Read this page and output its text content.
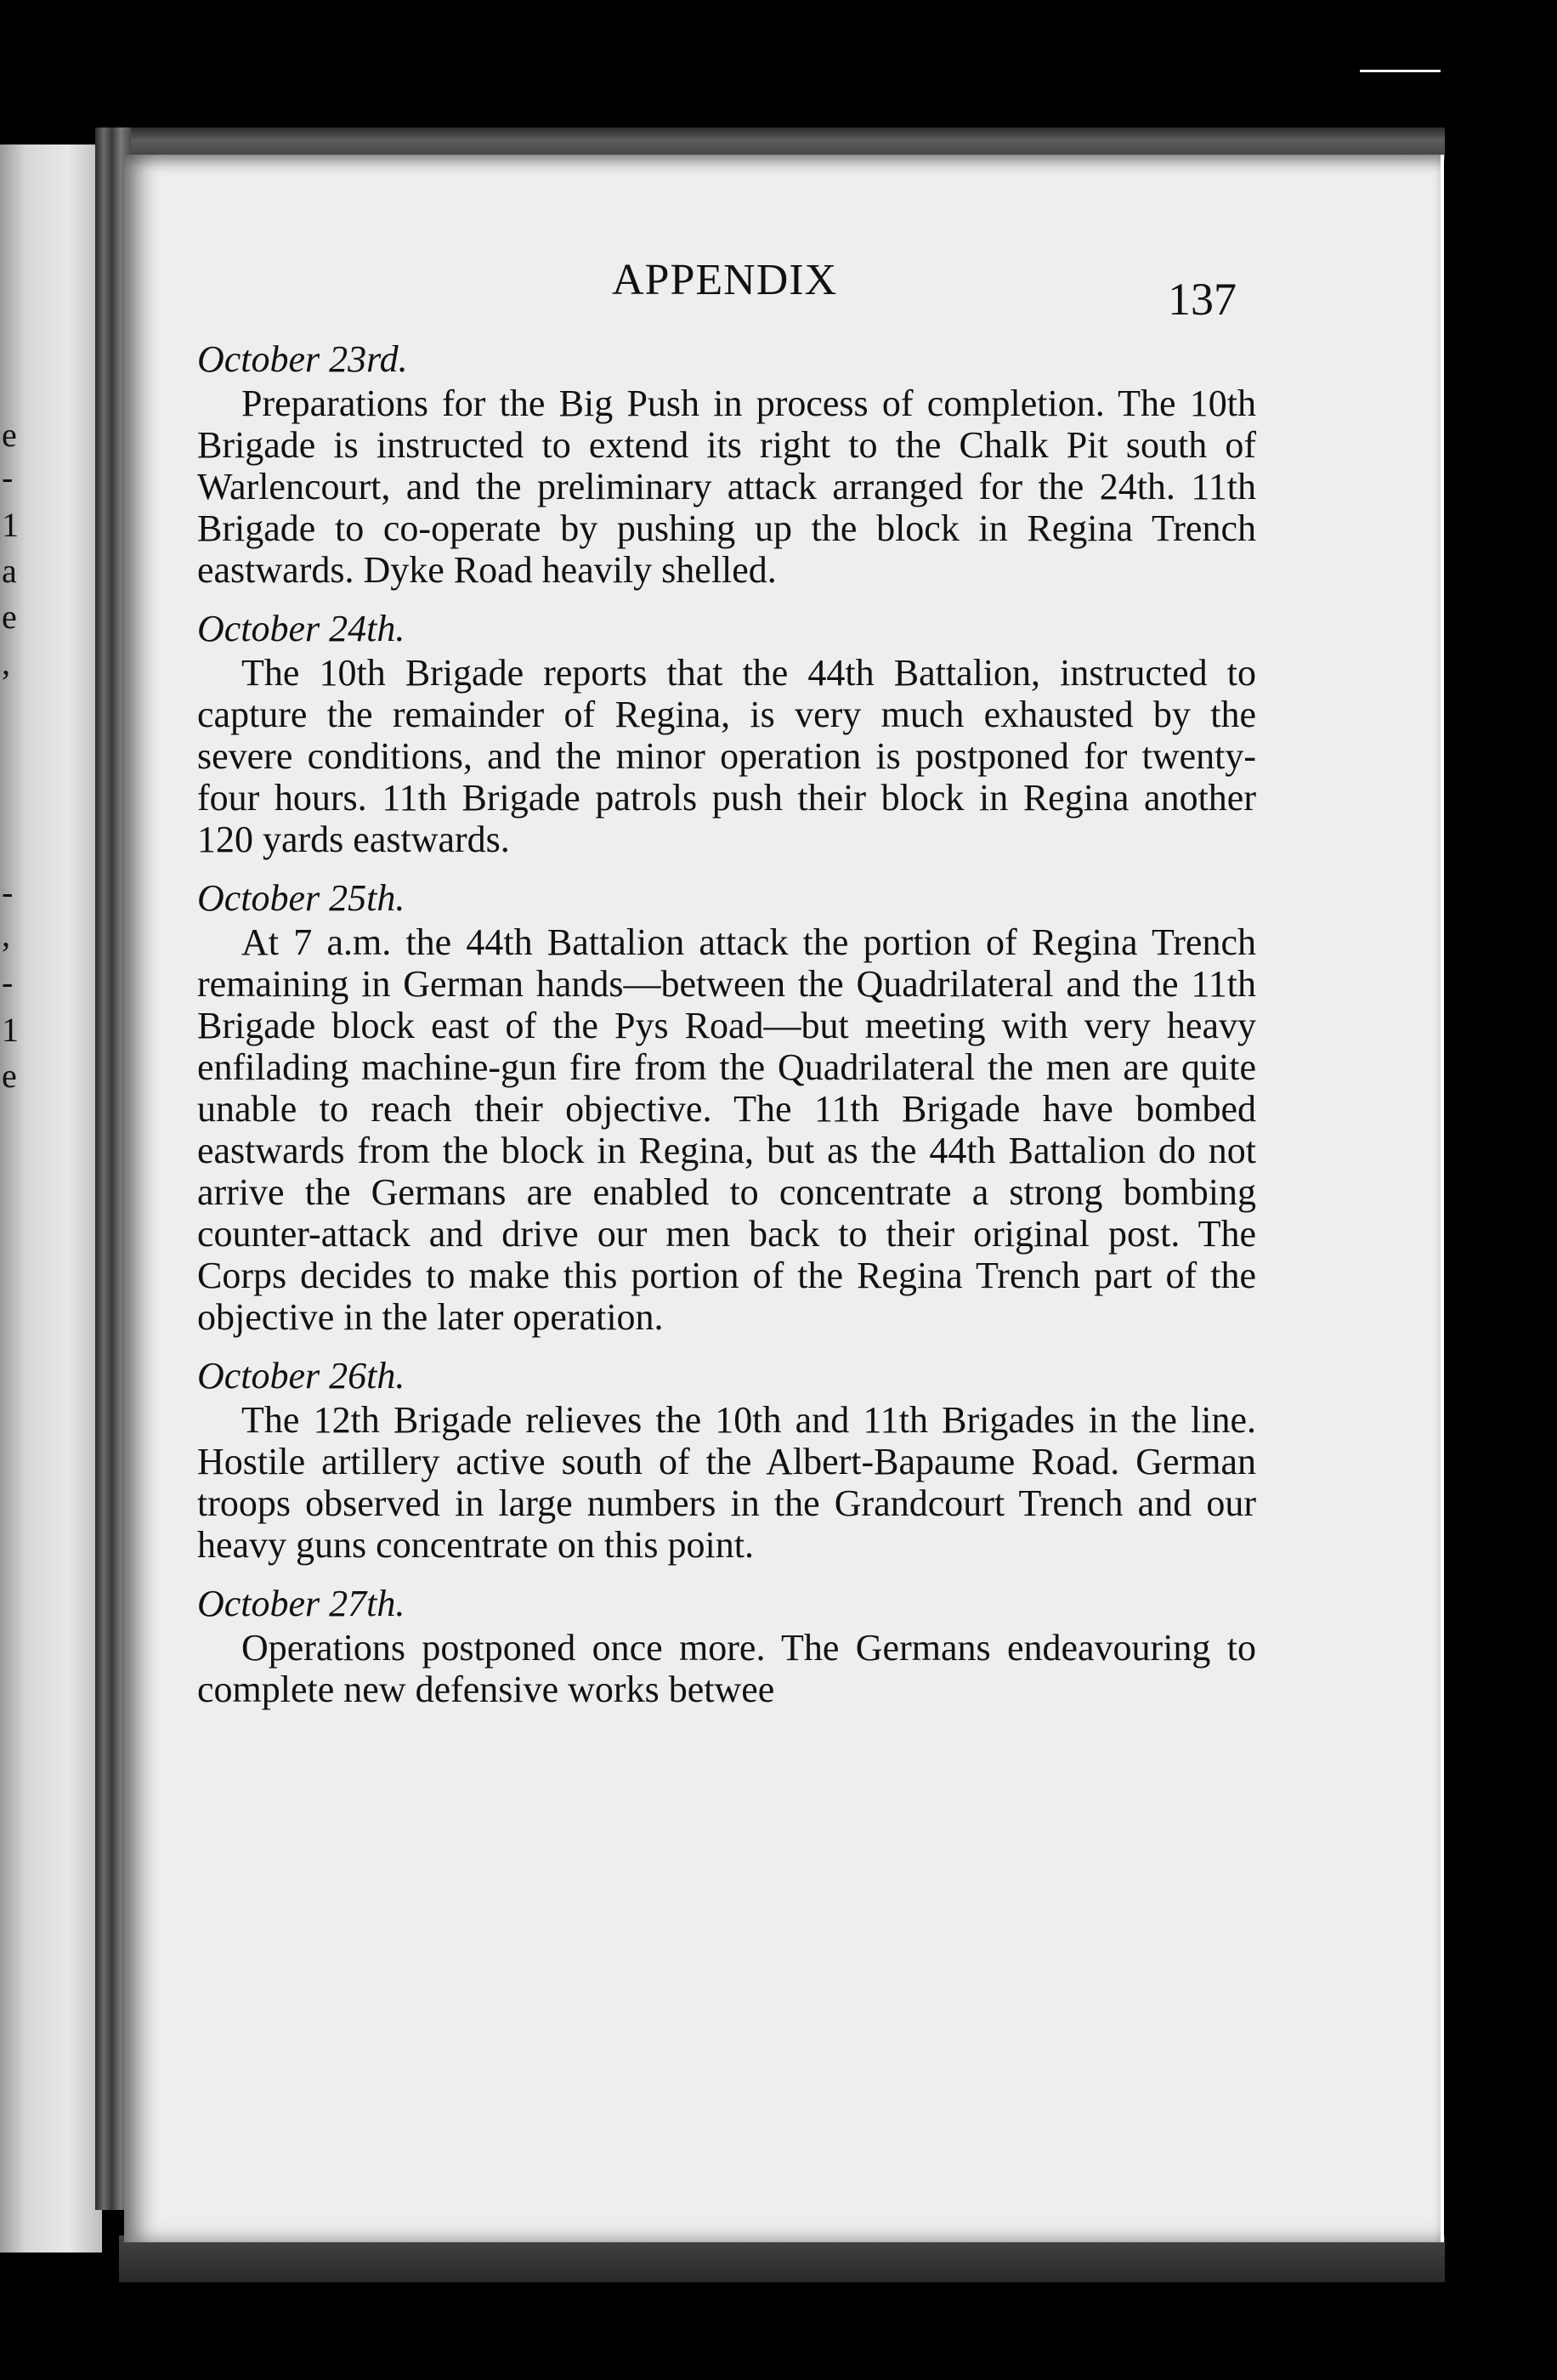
e
-
1
a
e
,
-
,
-
1
e
APPENDIX	137
October 23rd.

Preparations for the Big Push in process of completion. The 10th Brigade is instructed to extend its right to the Chalk Pit south of Warlencourt, and the preliminary attack arranged for the 24th. 11th Brigade to co-operate by pushing up the block in Regina Trench eastwards. Dyke Road heavily shelled.

October 24th.

The 10th Brigade reports that the 44th Battalion, instructed to capture the remainder of Regina, is very much exhausted by the severe conditions, and the minor operation is postponed for twenty-four hours. 11th Brigade patrols push their block in Regina another 120 yards eastwards.

October 25th.

At 7 a.m. the 44th Battalion attack the portion of Regina Trench remaining in German hands—between the Quadrilateral and the 11th Brigade block east of the Pys Road—but meeting with very heavy enfilading machine-gun fire from the Quadrilateral the men are quite unable to reach their objective. The 11th Brigade have bombed eastwards from the block in Regina, but as the 44th Battalion do not arrive the Germans are enabled to concentrate a strong bombing counter-attack and drive our men back to their original post. The Corps decides to make this portion of the Regina Trench part of the objective in the later operation.

October 26th.

The 12th Brigade relieves the 10th and 11th Brigades in the line. Hostile artillery active south of the Albert-Bapaume Road. German troops observed in large numbers in the Grandcourt Trench and our heavy guns concentrate on this point.

October 27th.

Operations postponed once more. The Germans endeavouring to complete new defensive works betwee
